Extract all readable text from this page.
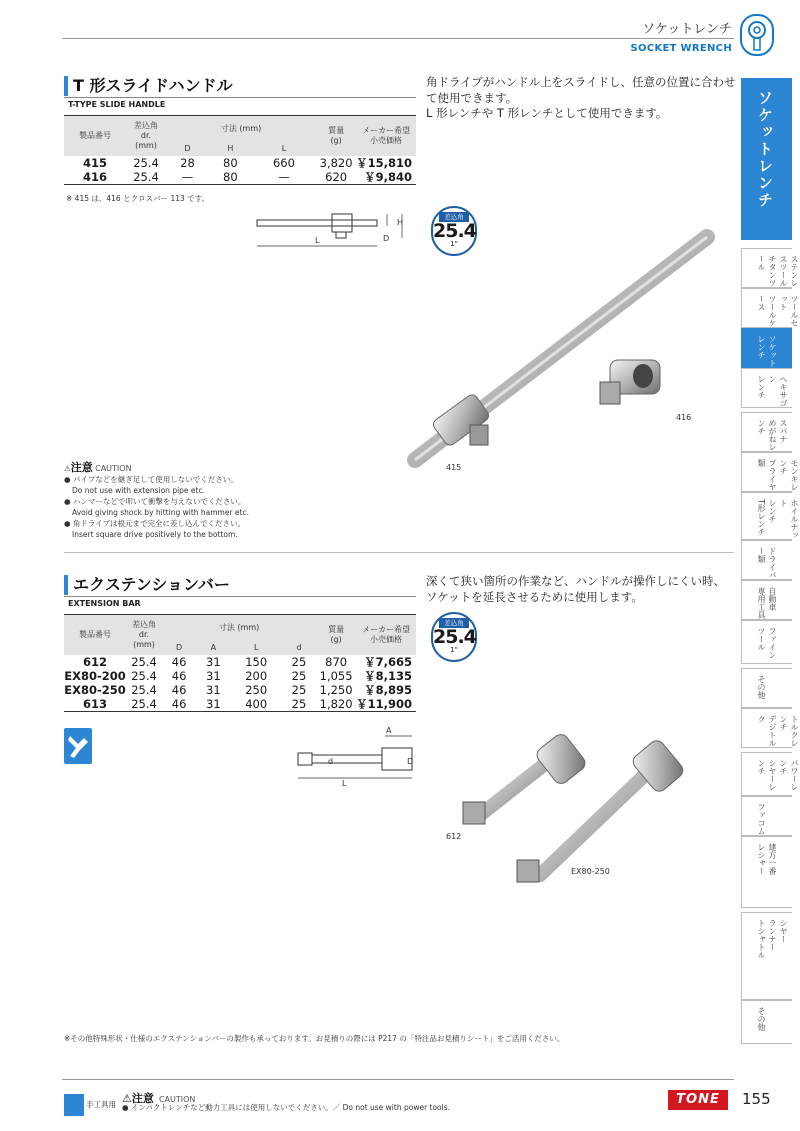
ソケットレンチ
SOCKET WRENCH
ソケットレンチ
ステンレスツール
チタンツール
ツールセット
ツールケース
ソケット
レンチ
ヘキサゴン
レンチ
スパナ
めがねレンチ
モンキレンチ
プライヤ類
ホイルナット
レンチ
T形レンチ
ドライバー類
自動車
専用工具
ファイン
ツール
その他
トルクレンチ
デジトルク
パワーレンチ
シヤーレンチ
ファコム
建方一番
レシャー
シヤー
ランナー
トシャトル
その他
T 形スライドハンドル
T-TYPE SLIDE HANDLE
角ドライブがハンドル上をスライドし、任意の位置に合わせて使用できます。
L 形レンチや T 形レンチとして使用できます。
製品番号	差込角
dr.
(mm)	寸法 (mm)			質量
(g)	メーカー希望
小売価格
		D	H	L		
415	25.4	28	80	660	3,820	￥15,810
416	25.4	—	80	—	620	￥9,840
※ 415 は、416 とクロスバー 113 です。
L
H
D
差込角
25.4
1"
415
416
⚠注意 CAUTION
● パイプなどを継ぎ足して使用しないでください。
Do not use with extension pipe etc.
● ハンマーなどで叩いて衝撃を与えないでください。
Avoid giving shock by hitting with hammer etc.
● 角ドライブは根元まで完全に差し込んでください。
Insert square drive positively to the bottom.
エクステンションバー
EXTENSION BAR
深くて狭い箇所の作業など、ハンドルが操作しにくい時、ソケットを延長させるために使用します。
製品番号	差込角
dr.
(mm)	寸法 (mm)				質量
(g)	メーカー希望
小売価格
		D	A	L	d		
612	25.4	46	31	150	25	870	￥7,665
EX80-200	25.4	46	31	200	25	1,055	￥8,135
EX80-250	25.4	46	31	250	25	1,250	￥8,895
613	25.4	46	31	400	25	1,820	￥11,900
A
d	D
L
差込角
25.4
1"
612
EX80-250
※その他特殊形状・仕様のエクステンションバーの製作も承っております。お見積りの際には P217 の「特注品お見積りシート」をご活用ください。
手工具用 ⚠注意 CAUTION
● インパクトレンチなど動力工具には使用しないでください。／ Do not use with power tools.
TONE	155
